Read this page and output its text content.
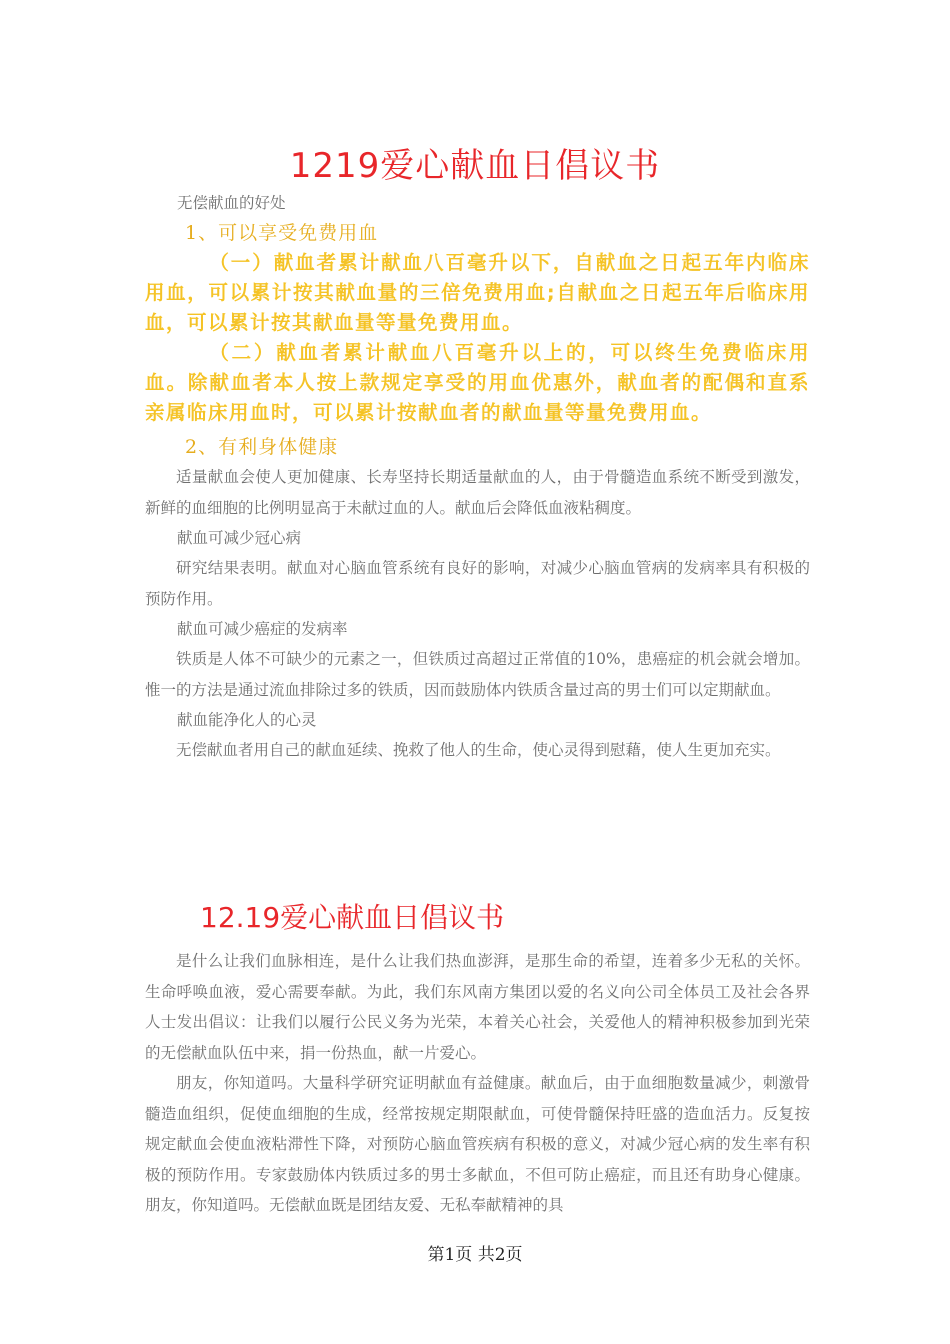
1219爱心献血日倡议书

无偿献血的好处

1、可以享受免费用血

（一）献血者累计献血八百毫升以下，自献血之日起五年内临床用血，可以累计按其献血量的三倍免费用血;自献血之日起五年后临床用血，可以累计按其献血量等量免费用血。

（二）献血者累计献血八百毫升以上的，可以终生免费临床用血。除献血者本人按上款规定享受的用血优惠外，献血者的配偶和直系亲属临床用血时，可以累计按献血者的献血量等量免费用血。

2、有利身体健康

适量献血会使人更加健康、长寿坚持长期适量献血的人，由于骨髓造血系统不断受到激发，新鲜的血细胞的比例明显高于未献过血的人。献血后会降低血液粘稠度。

献血可减少冠心病

研究结果表明。献血对心脑血管系统有良好的影响，对减少心脑血管病的发病率具有积极的预防作用。

献血可减少癌症的发病率

铁质是人体不可缺少的元素之一，但铁质过高超过正常值的10%，患癌症的机会就会增加。惟一的方法是通过流血排除过多的铁质，因而鼓励体内铁质含量过高的男士们可以定期献血。

献血能净化人的心灵

无偿献血者用自己的献血延续、挽救了他人的生命，使心灵得到慰藉，使人生更加充实。

12.19爱心献血日倡议书

是什么让我们血脉相连，是什么让我们热血澎湃，是那生命的希望，连着多少无私的关怀。生命呼唤血液，爱心需要奉献。为此，我们东风南方集团以爱的名义向公司全体员工及社会各界人士发出倡议：让我们以履行公民义务为光荣，本着关心社会，关爱他人的精神积极参加到光荣的无偿献血队伍中来，捐一份热血，献一片爱心。

朋友，你知道吗。大量科学研究证明献血有益健康。献血后，由于血细胞数量减少，刺激骨髓造血组织，促使血细胞的生成，经常按规定期限献血，可使骨髓保持旺盛的造血活力。反复按规定献血会使血液粘滞性下降，对预防心脑血管疾病有积极的意义，对减少冠心病的发生率有积极的预防作用。专家鼓励体内铁质过多的男士多献血，不但可防止癌症，而且还有助身心健康。朋友，你知道吗。无偿献血既是团结友爱、无私奉献精神的具

第1页 共2页
